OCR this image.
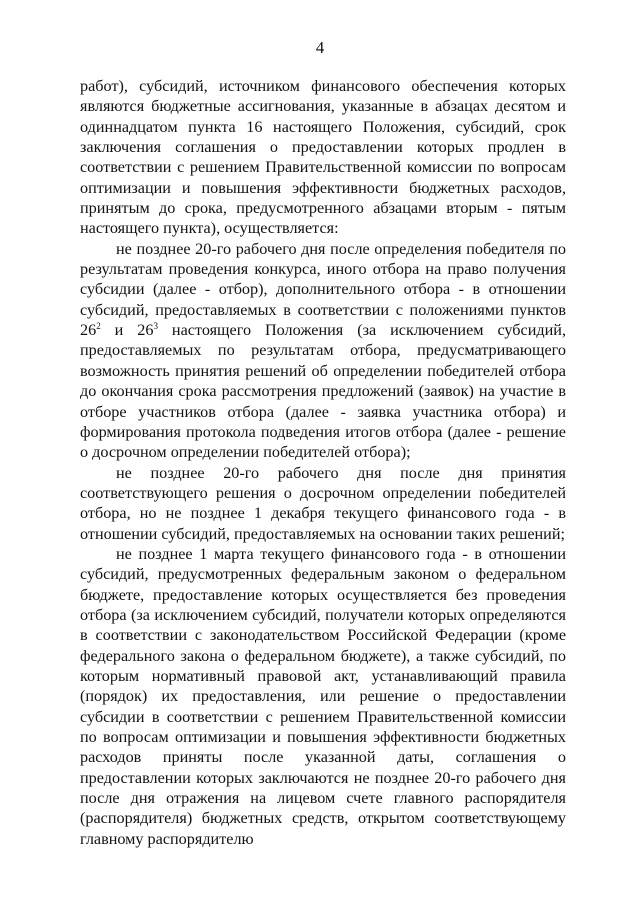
4

работ), субсидий, источником финансового обеспечения которых являются бюджетные ассигнования, указанные в абзацах десятом и одиннадцатом пункта 16 настоящего Положения, субсидий, срок заключения соглашения о предоставлении которых продлен в соответствии с решением Правительственной комиссии по вопросам оптимизации и повышения эффективности бюджетных расходов, принятым до срока, предусмотренного абзацами вторым - пятым настоящего пункта), осуществляется:

не позднее 20-го рабочего дня после определения победителя по результатам проведения конкурса, иного отбора на право получения субсидии (далее - отбор), дополнительного отбора - в отношении субсидий, предоставляемых в соответствии с положениями пунктов $26^2$ и $26^3$ настоящего Положения (за исключением субсидий, предоставляемых по результатам отбора, предусматривающего возможность принятия решений об определении победителей отбора до окончания срока рассмотрения предложений (заявок) на участие в отборе участников отбора (далее - заявка участника отбора) и формирования протокола подведения итогов отбора (далее - решение о досрочном определении победителей отбора);

не позднее 20-го рабочего дня после дня принятия соответствующего решения о досрочном определении победителей отбора, но не позднее 1 декабря текущего финансового года - в отношении субсидий, предоставляемых на основании таких решений;

не позднее 1 марта текущего финансового года - в отношении субсидий, предусмотренных федеральным законом о федеральном бюджете, предоставление которых осуществляется без проведения отбора (за исключением субсидий, получатели которых определяются в соответствии с законодательством Российской Федерации (кроме федерального закона о федеральном бюджете), а также субсидий, по которым нормативный правовой акт, устанавливающий правила (порядок) их предоставления, или решение о предоставлении субсидии в соответствии с решением Правительственной комиссии по вопросам оптимизации и повышения эффективности бюджетных расходов приняты после указанной даты, соглашения о предоставлении которых заключаются не позднее 20-го рабочего дня после дня отражения на лицевом счете главного распорядителя (распорядителя) бюджетных средств, открытом соответствующему главному распорядителю
